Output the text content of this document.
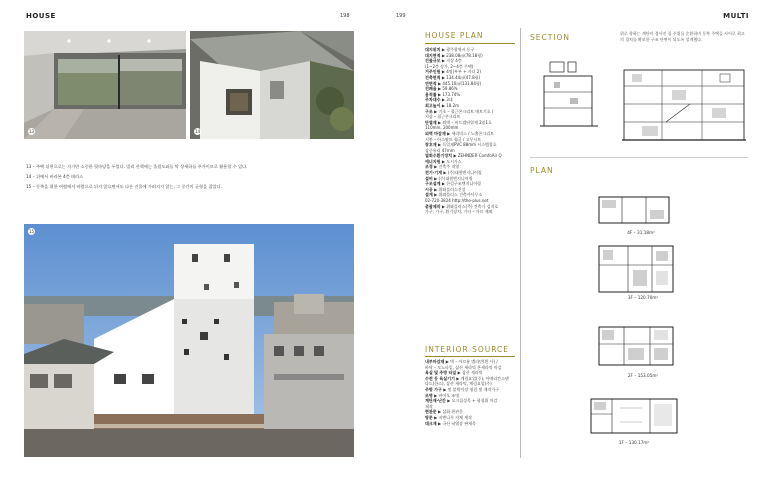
HOUSE	198	199	MULTI
13	14
13 – 주택 뒤편으로는 자기만 소중한 뒷마당을 두었다. 멀리 산책에는 올림도와를 탁 상세하를 주가이므로 활용할 수 있다.
14 – 뒤에서 바라본 4층 테라스
15 – 동쪽을 위한 여럼에서 바람으로 뒤지 않으면서도 다른 건물에 가려지지 않는, 그 중간의 균형을 잡았다.
15
HOUSE PLAN
대지위치 ▶ 광주광역시 동구
대지면적 ▶ 238.08㎡(78.18평)
건물규모 ▶ 지상 4층
(1~2층 상가, 2~4층 주택)
거주인원 ▶ 4명(부부 + 자녀 2)
건축면적 ▶ 134.44㎡(47.8평)
연면적 ▶ 445.10㎡(131.84평)
건폐율 ▶ 59.86%
용적률 ▶ 173.74%
주차대수 ▶ 3대
최고높이 ▶ 18.2m
구조 ▶ 기초 – 철근콘크리트 매트기초 /
지상 – 철근콘크리트
단열재 ▶ 외벽 – 비드법단열재 2종1호
110mm, 200mm
외벽 마감재 ▶ 세라믹스 / 노출콘크리트
지붕 – 아스팔트 슁글 / 고무시트
창호재 ▶ 독일제PVC 88mm 시스템창호
삼중유리 47mm
열회수환기장치 ▶ ZEHNDER ComfoAir Q
에너지원 ▶ 도시가스
조경 ▶ 건축주 직영
전기·기계 ▶ (주)대원엔지니어링
설비 ▶ (주)대원엔지니어링
구조설계 ▶ 한길구조엔지니어링
시공 ▶ 위와플러스건설
설계 ▶ 위와플러스 건축사사무소
02-720-3824 http://the-plus.net
총괄제작 ▶ 위와플러스(주) 건축가 김지호
가구, 가구, 환기장치, 기타 – 가르 제외
INTERIOR SOURCE
내부마감재 ▶ 벽 – 아르유 멜라민(흰 사) /
바닥 – 모노타일, 삼산 세라믹 온세라믹 마감
욕실 및 주방 타일 ▶ 삼산 세라믹
수전 등 욕실기기 ▶ 계림요업(주), 아메리칸스탠
다드(한스), 삼산 세라믹, 계림요업(주)
주방 가구 ▶ 및 붙박이장 영림 및 제작가구
조명 ▶ 바이오 조명
계단재·난간 ▶ 오크집성목 + 평철위 마감
제작
현관문 ▶ 삼화 현관문
방문 ▶ 지엔나무 자체 제작
데크재 ▶ 국산 낙엽송 판재목
SECTION	위로 향하는 계단이 경사진 집 주위를 순환하며 동쪽 주택들 사이로 최고의 경치를 확보한 구조 단면이 되도록 설계했다.
PLAN
4F – 31.18m²
3F – 120.70m²
2F – 153.05m²
1F – 130.17m²
